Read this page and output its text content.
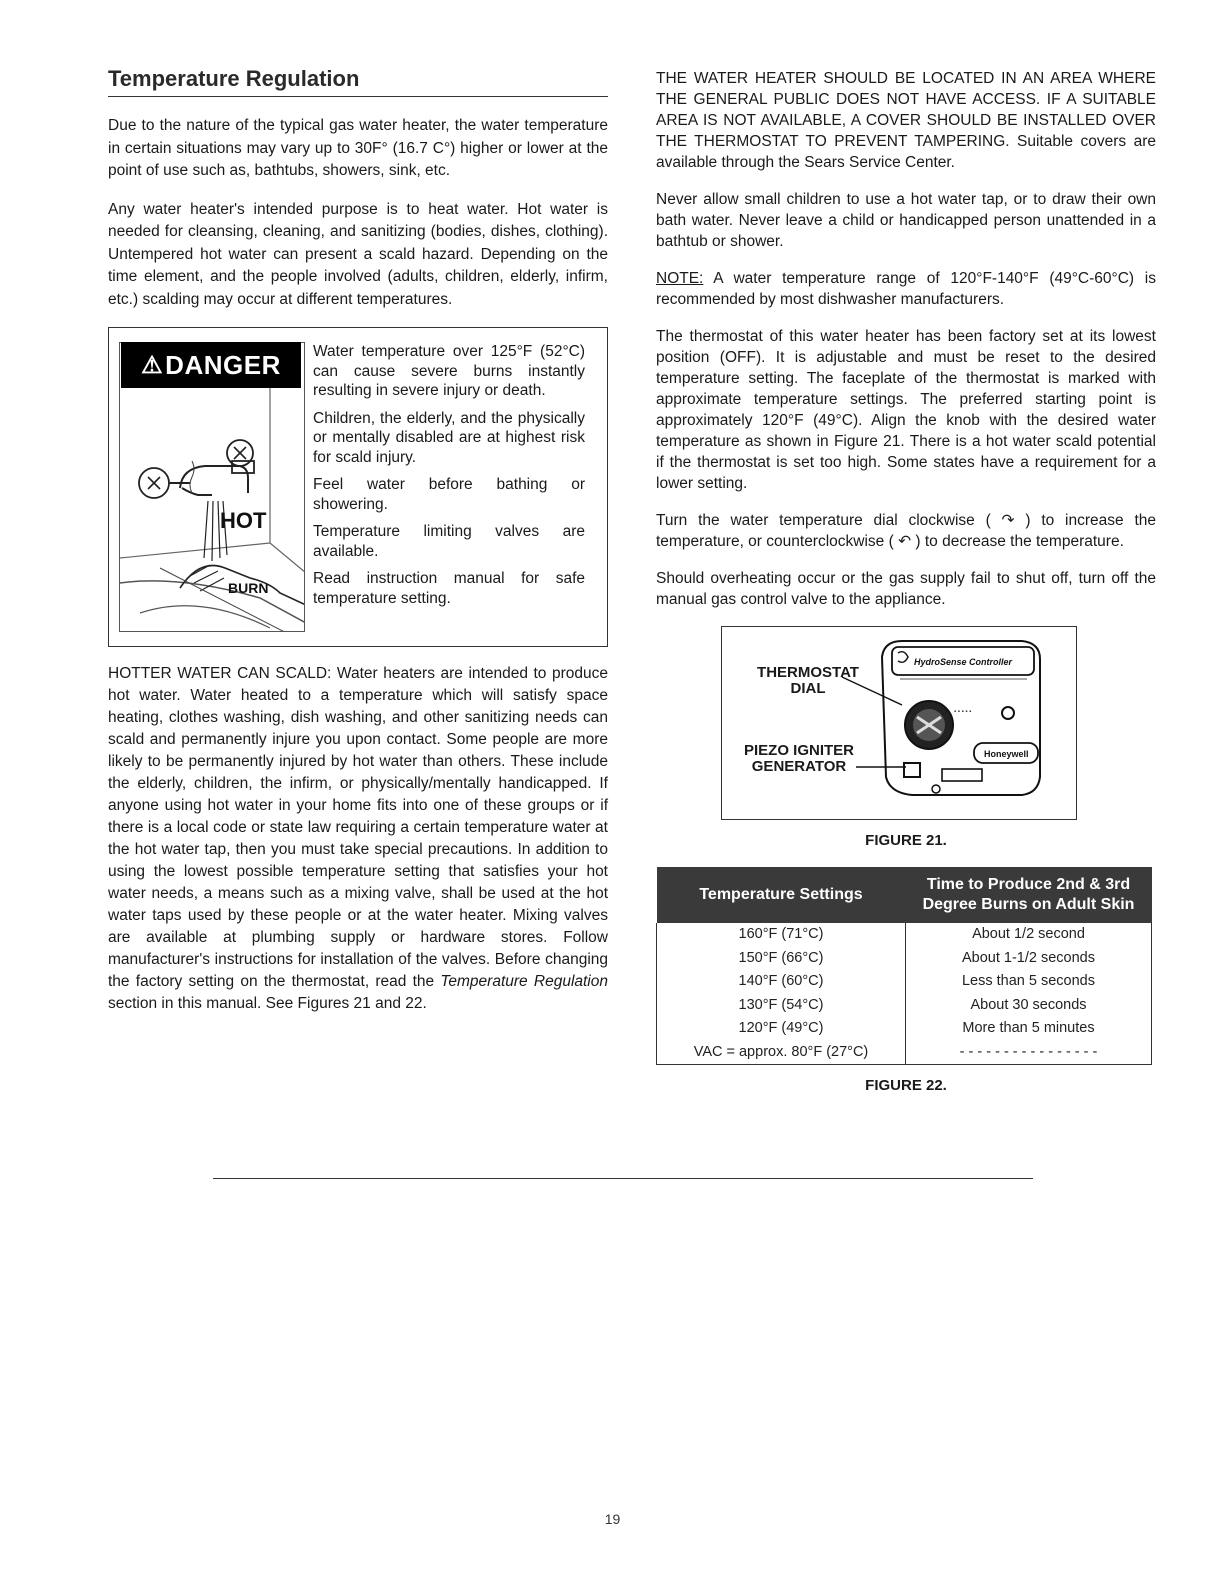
Temperature Regulation

Due to the nature of the typical gas water heater, the water temperature in certain situations may vary up to 30F° (16.7 C°) higher or lower at the point of use such as, bathtubs, showers, sink, etc.

Any water heater's intended purpose is to heat water. Hot water is needed for cleansing, cleaning, and sanitizing (bodies, dishes, clothing). Untempered hot water can present a scald hazard. Depending on the time element, and the people involved (adults, children, elderly, infirm, etc.) scalding may occur at different temperatures.

HOT
BURN
⚠ DANGER Water temperature over 125°F (52°C) can cause severe burns instantly resulting in severe injury or death.

Children, the elderly, and the physically or mentally disabled are at highest risk for scald injury.

Feel water before bathing or showering.

Temperature limiting valves are available.

Read instruction manual for safe temperature setting.

HOTTER WATER CAN SCALD: Water heaters are intended to produce hot water. Water heated to a temperature which will satisfy space heating, clothes washing, dish washing, and other sanitizing needs can scald and permanently injure you upon contact. Some people are more likely to be permanently injured by hot water than others. These include the elderly, children, the infirm, or physically/mentally handicapped. If anyone using hot water in your home fits into one of these groups or if there is a local code or state law requiring a certain temperature water at the hot water tap, then you must take special precautions. In addition to using the lowest possible temperature setting that satisfies your hot water needs, a means such as a mixing valve, shall be used at the hot water taps used by these people or at the water heater. Mixing valves are available at plumbing supply or hardware stores. Follow manufacturer's instructions for installation of the valves. Before changing the factory setting on the thermostat, read the Temperature Regulation section in this manual. See Figures 21 and 22.

THE WATER HEATER SHOULD BE LOCATED IN AN AREA WHERE THE GENERAL PUBLIC DOES NOT HAVE ACCESS. IF A SUITABLE AREA IS NOT AVAILABLE, A COVER SHOULD BE INSTALLED OVER THE THERMOSTAT TO PREVENT TAMPERING. Suitable covers are available through the Sears Service Center.

Never allow small children to use a hot water tap, or to draw their own bath water. Never leave a child or handicapped person unattended in a bathtub or shower.

NOTE: A water temperature range of 120°F-140°F (49°C-60°C) is recommended by most dishwasher manufacturers.

The thermostat of this water heater has been factory set at its lowest position (OFF). It is adjustable and must be reset to the desired temperature setting. The faceplate of the thermostat is marked with approximate temperature settings. The preferred starting point is approximately 120°F (49°C). Align the knob with the desired water temperature as shown in Figure 21. There is a hot water scald potential if the thermostat is set too high. Some states have a requirement for a lower setting.

Turn the water temperature dial clockwise ( ↷ ) to increase the temperature, or counterclockwise ( ↶ ) to decrease the temperature.

Should overheating occur or the gas supply fail to shut off, turn off the manual gas control valve to the appliance.

HydroSense Controller
▪ ▪ ▪ ▪ ▪
Honeywell
THERMOSTAT DIAL
PIEZO IGNITER GENERATOR
FIGURE 21.
Temperature Settings	Time to Produce 2nd & 3rd Degree Burns on Adult Skin
160°F (71°C)	About 1/2 second
150°F (66°C)	About 1-1/2 seconds
140°F (60°C)	Less than 5 seconds
130°F (54°C)	About 30 seconds
120°F (49°C)	More than 5 minutes
VAC = approx. 80°F (27°C)	- - - - - - - - - - - - - - - -
FIGURE 22.
19
